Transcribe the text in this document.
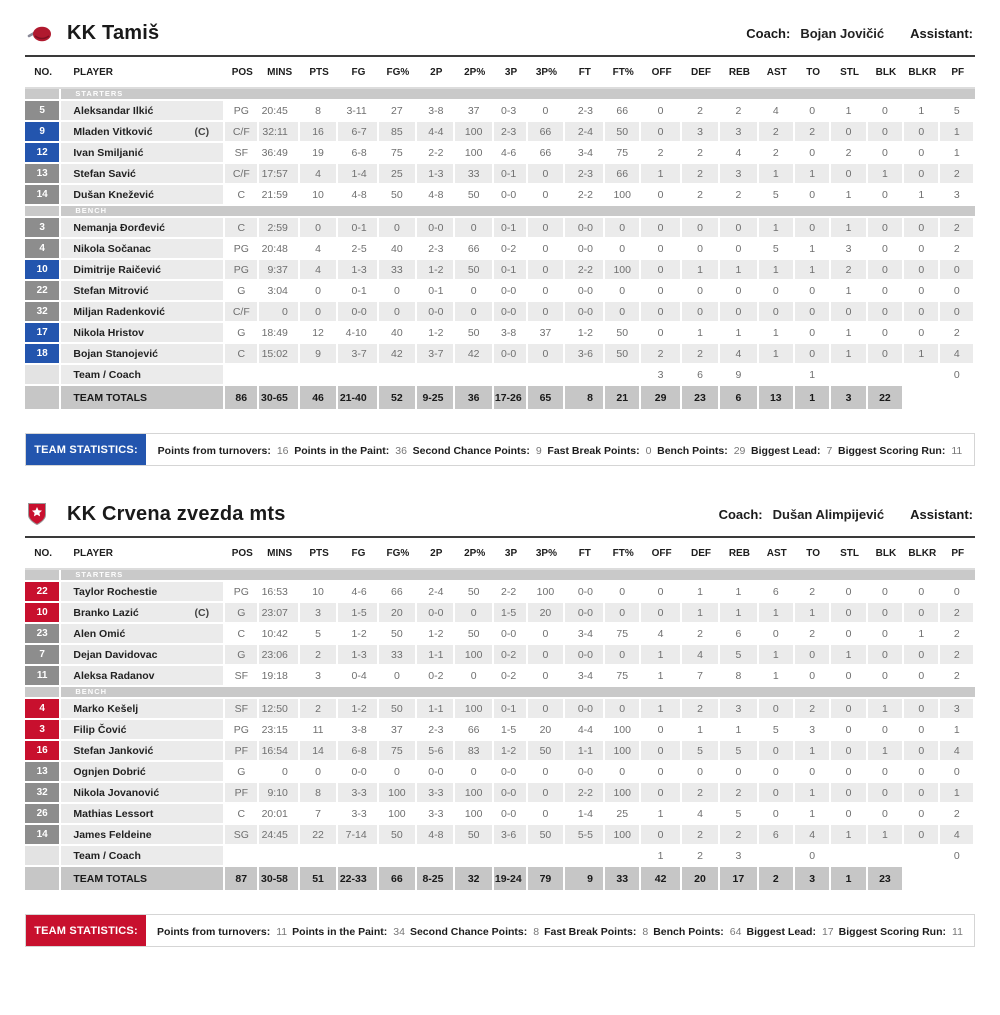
KK Tamiš	Coach: Bojan Jovičić Assistant:
NO.	PLAYER	POS	MINS	PTS	FG	FG%	2P	2P%	3P	3P%	FT	FT%	OFF	DEF	REB	AST	TO	STL	BLK	BLKR	PF

	STARTERS																				

5	Aleksandar Ilkić	PG	20:45	8	3-11	27	3-8	37	0-3	0	2-3	66	0	2	2	4	0	1	0	1	5
9	Mladen Vitković (C)	C/F	32:11	16	6-7	85	4-4	100	2-3	66	2-4	50	0	3	3	2	2	0	0	0	1
12	Ivan Smiljanić	SF	36:49	19	6-8	75	2-2	100	4-6	66	3-4	75	2	2	4	2	0	2	0	0	1
13	Stefan Savić	C/F	17:57	4	1-4	25	1-3	33	0-1	0	2-3	66	1	2	3	1	1	0	1	0	2
14	Dušan Knežević	C	21:59	10	4-8	50	4-8	50	0-0	0	2-2	100	0	2	2	5	0	1	0	1	3

	BENCH																				

3	Nemanja Đorđević	C	2:59	0	0-1	0	0-0	0	0-1	0	0-0	0	0	0	0	1	0	1	0	0	2
4	Nikola Sočanac	PG	20:48	4	2-5	40	2-3	66	0-2	0	0-0	0	0	0	0	5	1	3	0	0	2
10	Dimitrije Raičević	PG	9:37	4	1-3	33	1-2	50	0-1	0	2-2	100	0	1	1	1	1	2	0	0	0
22	Stefan Mitrović	G	3:04	0	0-1	0	0-1	0	0-0	0	0-0	0	0	0	0	0	0	1	0	0	0
32	Miljan Radenković	C/F	0	0	0-0	0	0-0	0	0-0	0	0-0	0	0	0	0	0	0	0	0	0	0
17	Nikola Hristov	G	18:49	12	4-10	40	1-2	50	3-8	37	1-2	50	0	1	1	1	0	1	0	0	2
18	Bojan Stanojević	C	15:02	9	3-7	42	3-7	42	0-0	0	3-6	50	2	2	4	1	0	1	0	1	4
	Team / Coach												3	6	9		1				0
	TEAM TOTALS	86	30-65	46	21-40	52	9-25	36	17-26	65	8	21	29	23	6	13	1	3	22		
TEAM STATISTICS:	Points from turnovers: 16 Points in the Paint: 36 Second Chance Points: 9 Fast Break Points: 0 Bench Points: 29 Biggest Lead: 7 Biggest Scoring Run: 11
KK Crvena zvezda mts	Coach: Dušan Alimpijević Assistant:
NO.	PLAYER	POS	MINS	PTS	FG	FG%	2P	2P%	3P	3P%	FT	FT%	OFF	DEF	REB	AST	TO	STL	BLK	BLKR	PF

	STARTERS																				

22	Taylor Rochestie	PG	16:53	10	4-6	66	2-4	50	2-2	100	0-0	0	0	1	1	6	2	0	0	0	0
10	Branko Lazić (C)	G	23:07	3	1-5	20	0-0	0	1-5	20	0-0	0	0	1	1	1	1	0	0	0	2
23	Alen Omić	C	10:42	5	1-2	50	1-2	50	0-0	0	3-4	75	4	2	6	0	2	0	0	1	2
7	Dejan Davidovac	G	23:06	2	1-3	33	1-1	100	0-2	0	0-0	0	1	4	5	1	0	1	0	0	2
11	Aleksa Radanov	SF	19:18	3	0-4	0	0-2	0	0-2	0	3-4	75	1	7	8	1	0	0	0	0	2

	BENCH																				

4	Marko Kešelj	SF	12:50	2	1-2	50	1-1	100	0-1	0	0-0	0	1	2	3	0	2	0	1	0	3
3	Filip Čović	PG	23:15	11	3-8	37	2-3	66	1-5	20	4-4	100	0	1	1	5	3	0	0	0	1
16	Stefan Janković	PF	16:54	14	6-8	75	5-6	83	1-2	50	1-1	100	0	5	5	0	1	0	1	0	4
13	Ognjen Dobrić	G	0	0	0-0	0	0-0	0	0-0	0	0-0	0	0	0	0	0	0	0	0	0	0
32	Nikola Jovanović	PF	9:10	8	3-3	100	3-3	100	0-0	0	2-2	100	0	2	2	0	1	0	0	0	1
26	Mathias Lessort	C	20:01	7	3-3	100	3-3	100	0-0	0	1-4	25	1	4	5	0	1	0	0	0	2
14	James Feldeine	SG	24:45	22	7-14	50	4-8	50	3-6	50	5-5	100	0	2	2	6	4	1	1	0	4
	Team / Coach												1	2	3		0				0
	TEAM TOTALS	87	30-58	51	22-33	66	8-25	32	19-24	79	9	33	42	20	17	2	3	1	23		
TEAM STATISTICS:	Points from turnovers: 11 Points in the Paint: 34 Second Chance Points: 8 Fast Break Points: 8 Bench Points: 64 Biggest Lead: 17 Biggest Scoring Run: 11
